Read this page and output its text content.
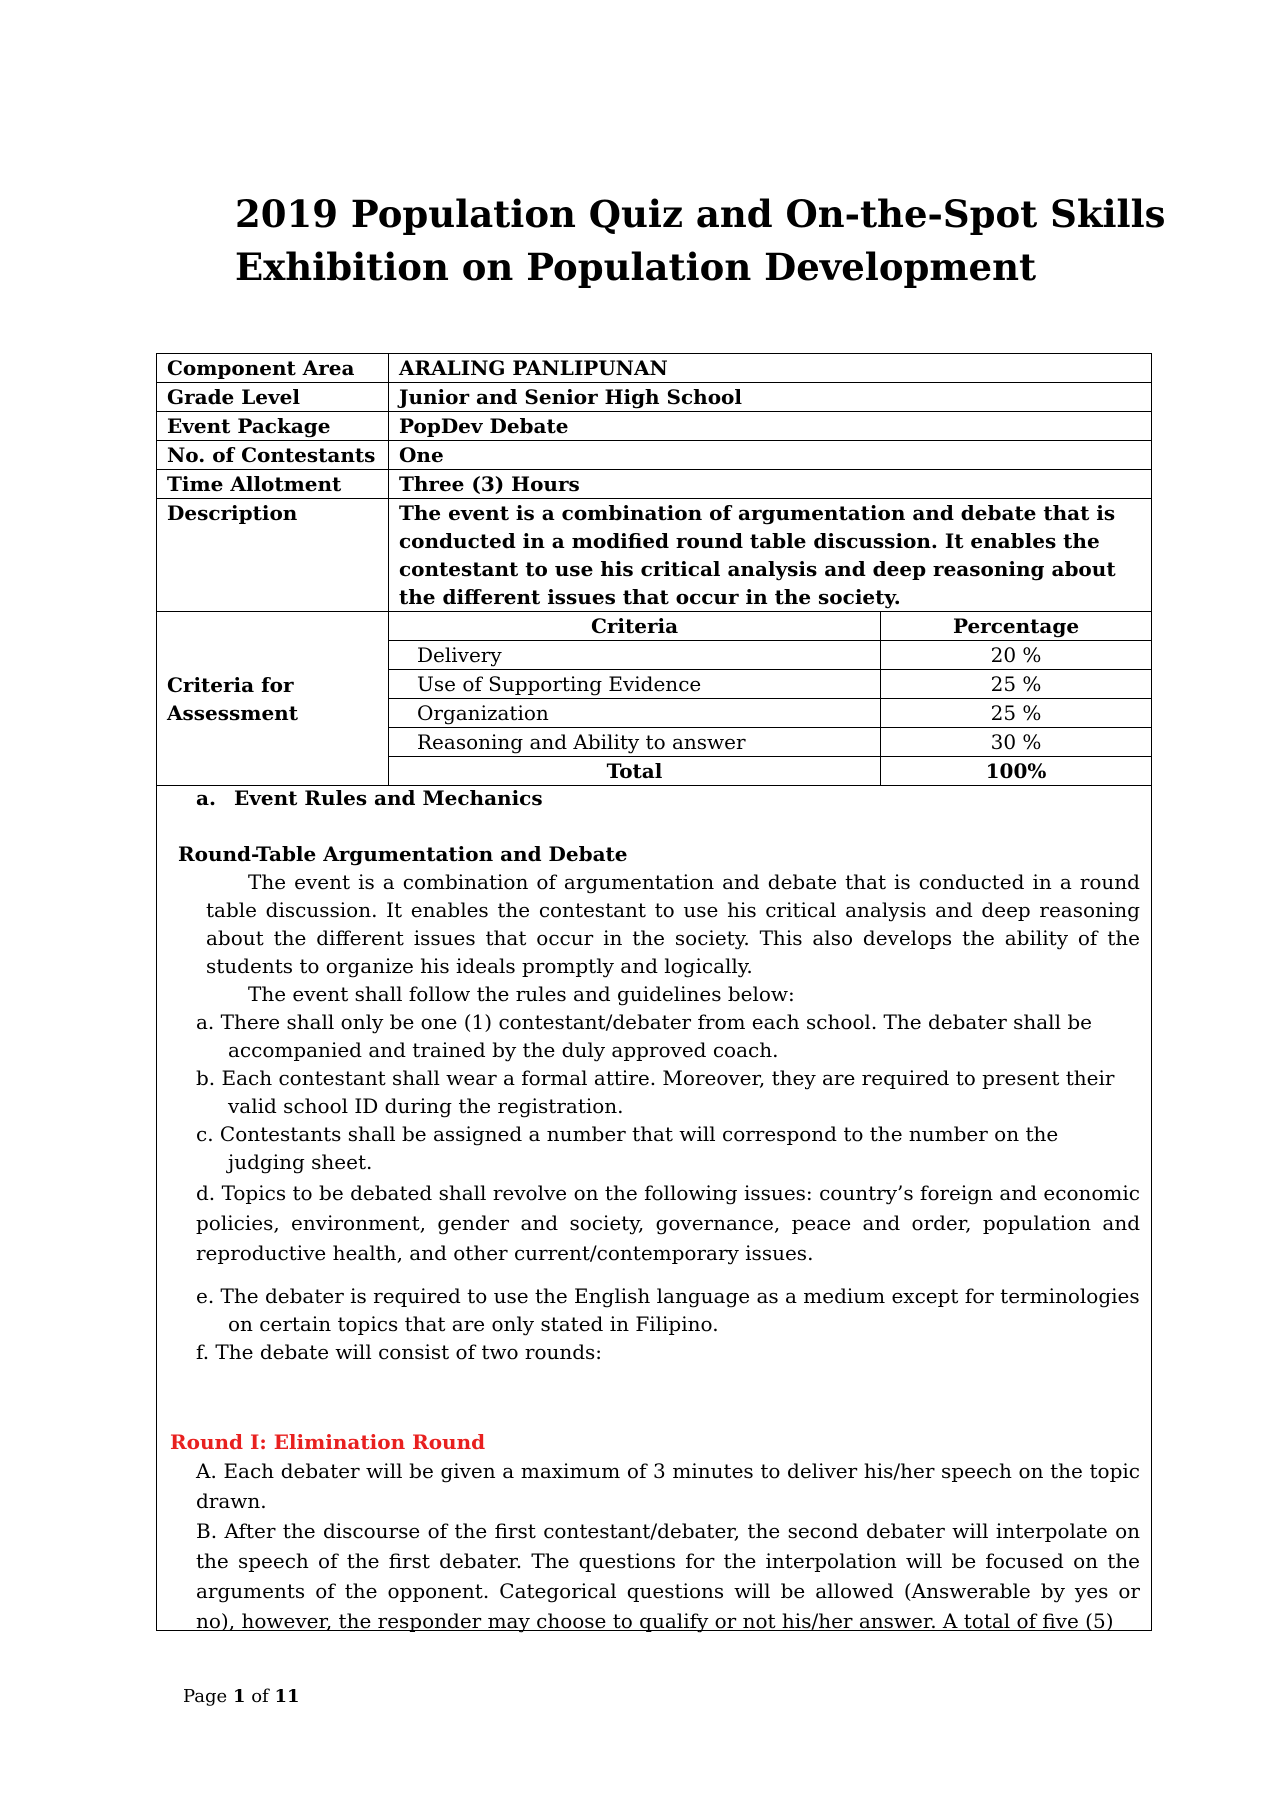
2019 Population Quiz and On-the-Spot Skills
Exhibition on Population Development
Component Area	ARALING PANLIPUNAN
Grade Level	Junior and Senior High School
Event Package	PopDev Debate
No. of Contestants	One
Time Allotment	Three (3) Hours
Description	The event is a combination of argumentation and debate that is conducted in a modified round table discussion. It enables the contestant to use his critical analysis and deep reasoning about the different issues that occur in the society.
Criteria for Assessment	
Criteria	Percentage
Delivery	20 %
Use of Supporting Evidence	25 %
Organization	25 %
Reasoning and Ability to answer	30 %
Total	100%
a. Event Rules and Mechanics
Round-Table Argumentation and Debate
The event is a combination of argumentation and debate that is conducted in a round table discussion. It enables the contestant to use his critical analysis and deep reasoning about the different issues that occur in the society. This also develops the ability of the students to organize his ideals promptly and logically.
The event shall follow the rules and guidelines below:
a. There shall only be one (1) contestant/debater from each school. The debater shall be accompanied and trained by the duly approved coach.
b. Each contestant shall wear a formal attire. Moreover, they are required to present their valid school ID during the registration.
c. Contestants shall be assigned a number that will correspond to the number on the judging sheet.
d. Topics to be debated shall revolve on the following issues: country’s foreign and economic policies, environment, gender and society, governance, peace and order, population and reproductive health, and other current/contemporary issues.
e. The debater is required to use the English language as a medium except for terminologies on certain topics that are only stated in Filipino.
f. The debate will consist of two rounds:
Round I: Elimination Round
A. Each debater will be given a maximum of 3 minutes to deliver his/her speech on the topic drawn.
B. After the discourse of the first contestant/debater, the second debater will interpolate on the speech of the first debater. The questions for the interpolation will be focused on the arguments of the opponent. Categorical questions will be allowed (Answerable by yes or no), however, the responder may choose to qualify or not his/her answer. A total of five (5)
Page 1 of 11
